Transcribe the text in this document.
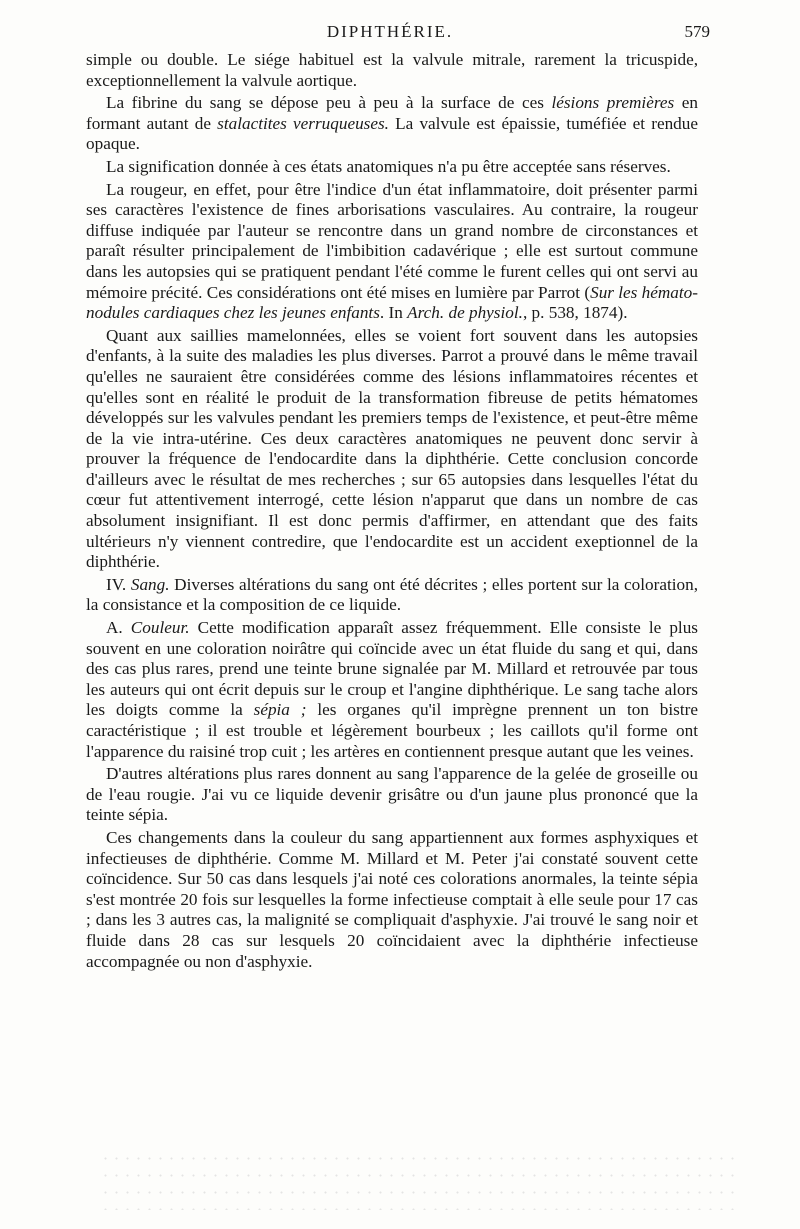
DIPHTHÉRIE.	579

simple ou double. Le siége habituel est la valvule mitrale, rarement la tricuspide, exceptionnellement la valvule aortique.

La fibrine du sang se dépose peu à peu à la surface de ces lésions premières en formant autant de stalactites verruqueuses. La valvule est épaissie, tuméfiée et rendue opaque.

La signification donnée à ces états anatomiques n'a pu être acceptée sans réserves.

La rougeur, en effet, pour être l'indice d'un état inflammatoire, doit présenter parmi ses caractères l'existence de fines arborisations vasculaires. Au contraire, la rougeur diffuse indiquée par l'auteur se rencontre dans un grand nombre de circonstances et paraît résulter principalement de l'imbibition cadavérique ; elle est surtout commune dans les autopsies qui se pratiquent pendant l'été comme le furent celles qui ont servi au mémoire précité. Ces considérations ont été mises en lumière par Parrot (Sur les hémato-nodules cardiaques chez les jeunes enfants. In Arch. de physiol., p. 538, 1874).

Quant aux saillies mamelonnées, elles se voient fort souvent dans les autopsies d'enfants, à la suite des maladies les plus diverses. Parrot a prouvé dans le même travail qu'elles ne sauraient être considérées comme des lésions inflammatoires récentes et qu'elles sont en réalité le produit de la transformation fibreuse de petits hématomes développés sur les valvules pendant les premiers temps de l'existence, et peut-être même de la vie intra-utérine. Ces deux caractères anatomiques ne peuvent donc servir à prouver la fréquence de l'endocardite dans la diphthérie. Cette conclusion concorde d'ailleurs avec le résultat de mes recherches ; sur 65 autopsies dans lesquelles l'état du cœur fut attentivement interrogé, cette lésion n'apparut que dans un nombre de cas absolument insignifiant. Il est donc permis d'affirmer, en attendant que des faits ultérieurs n'y viennent contredire, que l'endocardite est un accident exeptionnel de la diphthérie.

IV. Sang. Diverses altérations du sang ont été décrites ; elles portent sur la coloration, la consistance et la composition de ce liquide.

A. Couleur. Cette modification apparaît assez fréquemment. Elle consiste le plus souvent en une coloration noirâtre qui coïncide avec un état fluide du sang et qui, dans des cas plus rares, prend une teinte brune signalée par M. Millard et retrouvée par tous les auteurs qui ont écrit depuis sur le croup et l'angine diphthérique. Le sang tache alors les doigts comme la sépia ; les organes qu'il imprègne prennent un ton bistre caractéristique ; il est trouble et légèrement bourbeux ; les caillots qu'il forme ont l'apparence du raisiné trop cuit ; les artères en contiennent presque autant que les veines.

D'autres altérations plus rares donnent au sang l'apparence de la gelée de groseille ou de l'eau rougie. J'ai vu ce liquide devenir grisâtre ou d'un jaune plus prononcé que la teinte sépia.

Ces changements dans la couleur du sang appartiennent aux formes asphyxiques et infectieuses de diphthérie. Comme M. Millard et M. Peter j'ai constaté souvent cette coïncidence. Sur 50 cas dans lesquels j'ai noté ces colorations anormales, la teinte sépia s'est montrée 20 fois sur lesquelles la forme infectieuse comptait à elle seule pour 17 cas ; dans les 3 autres cas, la malignité se compliquait d'asphyxie. J'ai trouvé le sang noir et fluide dans 28 cas sur lesquels 20 coïncidaient avec la diphthérie infectieuse accompagnée ou non d'asphyxie.
